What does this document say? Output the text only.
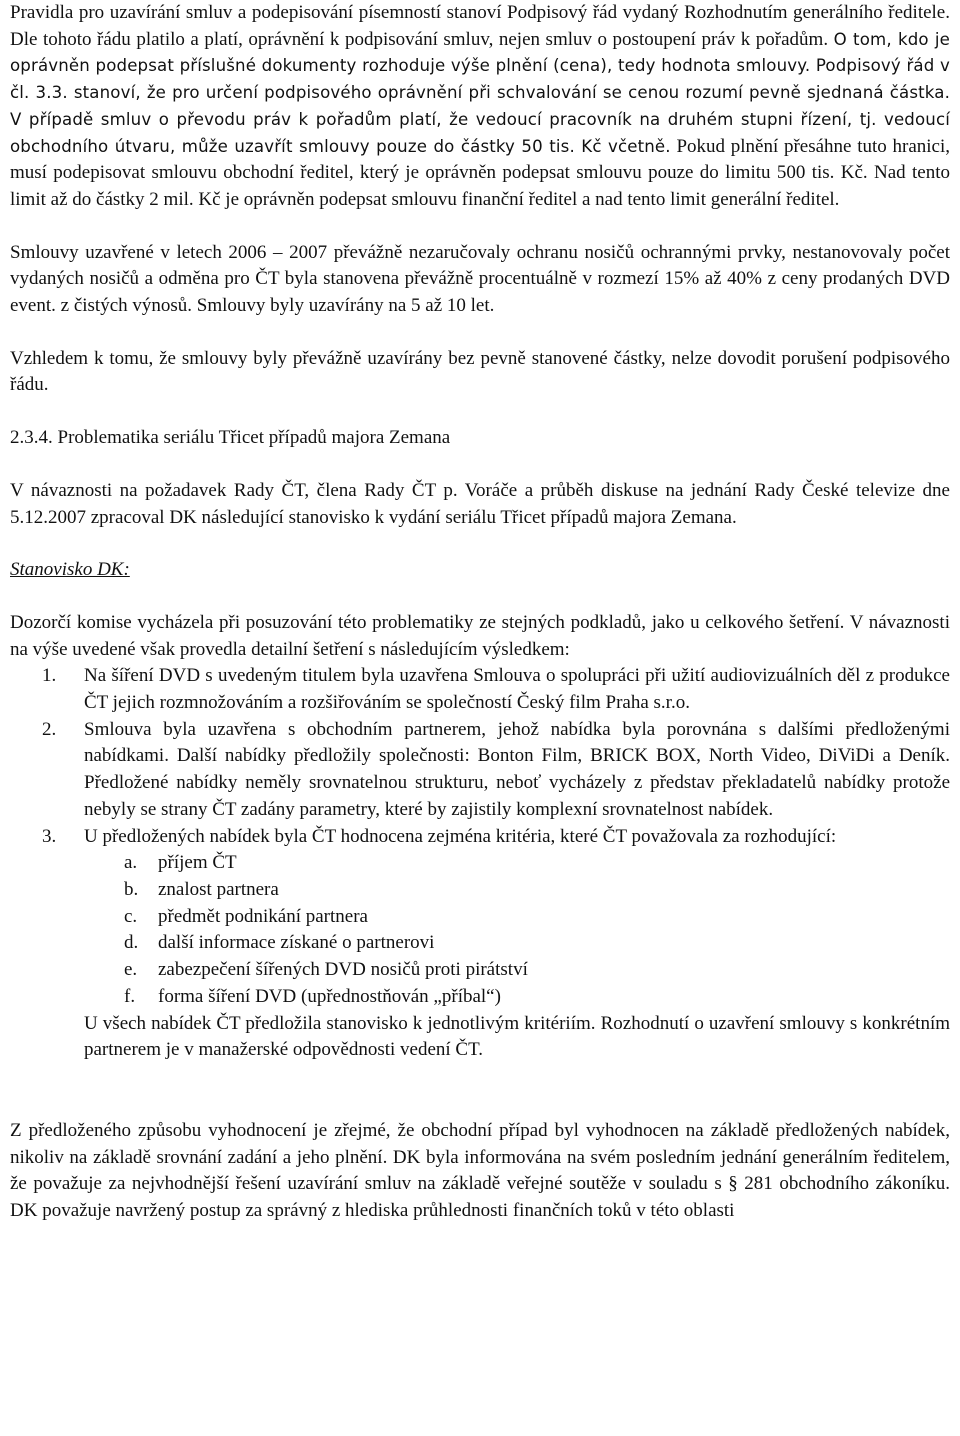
Pravidla pro uzavírání smluv a podepisování písemností stanoví Podpisový řád vydaný Rozhodnutím generálního ředitele. Dle tohoto řádu platilo a platí, oprávnění k podpisování smluv, nejen smluv o postoupení práv k pořadům. O tom, kdo je oprávněn podepsat příslušné dokumenty rozhoduje výše plnění (cena), tedy hodnota smlouvy. Podpisový řád v čl. 3.3. stanoví, že pro určení podpisového oprávnění při schvalování se cenou rozumí pevně sjednaná částka. V případě smluv o převodu práv k pořadům platí, že vedoucí pracovník na druhém stupni řízení, tj. vedoucí obchodního útvaru, může uzavřít smlouvy pouze do částky 50 tis. Kč včetně. Pokud plnění přesáhne tuto hranici, musí podepisovat smlouvu obchodní ředitel, který je oprávněn podepsat smlouvu pouze do limitu 500 tis. Kč. Nad tento limit až do částky 2 mil. Kč je oprávněn podepsat smlouvu finanční ředitel a nad tento limit generální ředitel.

Smlouvy uzavřené v letech 2006 – 2007 převážně nezaručovaly ochranu nosičů ochrannými prvky, nestanovovaly počet vydaných nosičů a odměna pro ČT byla stanovena převážně procentuálně v rozmezí 15% až 40% z ceny prodaných DVD event. z čistých výnosů. Smlouvy byly uzavírány na 5 až 10 let.

Vzhledem k tomu, že smlouvy byly převážně uzavírány bez pevně stanovené částky, nelze dovodit porušení podpisového řádu.

2.3.4. Problematika seriálu Třicet případů majora Zemana

V návaznosti na požadavek Rady ČT, člena Rady ČT p. Voráče a průběh diskuse na jednání Rady České televize dne 5.12.2007 zpracoval DK následující stanovisko k vydání seriálu Třicet případů majora Zemana.

Stanovisko DK:

Dozorčí komise vycházela při posuzování této problematiky ze stejných podkladů, jako u celkového šetření. V návaznosti na výše uvedené však provedla detailní šetření s následujícím výsledkem:

1. Na šíření DVD s uvedeným titulem byla uzavřena Smlouva o spolupráci při užití audiovizuálních děl z produkce ČT jejich rozmnožováním a rozšiřováním se společností Český film Praha s.r.o.
2. Smlouva byla uzavřena s obchodním partnerem, jehož nabídka byla porovnána s dalšími předloženými nabídkami. Další nabídky předložily společnosti: Bonton Film, BRICK BOX, North Video, DiViDi a Deník. Předložené nabídky neměly srovnatelnou strukturu, neboť vycházely z představ překladatelů nabídky protože nebyly se strany ČT zadány parametry, které by zajistily komplexní srovnatelnost nabídek.
3. U předložených nabídek byla ČT hodnocena zejména kritéria, které ČT považovala za rozhodující:
a. příjem ČT
b. znalost partnera
c. předmět podnikání partnera
d. další informace získané o partnerovi
e. zabezpečení šířených DVD nosičů proti pirátství
f. forma šíření DVD (upřednostňován „příbal“)

U všech nabídek ČT předložila stanovisko k jednotlivým kritériím. Rozhodnutí o uzavření smlouvy s konkrétním partnerem je v manažerské odpovědnosti vedení ČT.

Z předloženého způsobu vyhodnocení je zřejmé, že obchodní případ byl vyhodnocen na základě předložených nabídek, nikoliv na základě srovnání zadání a jeho plnění. DK byla informována na svém posledním jednání generálním ředitelem, že považuje za nejvhodnější řešení uzavírání smluv na základě veřejné soutěže v souladu s § 281 obchodního zákoníku. DK považuje navržený postup za správný z hlediska průhlednosti finančních toků v této oblasti
